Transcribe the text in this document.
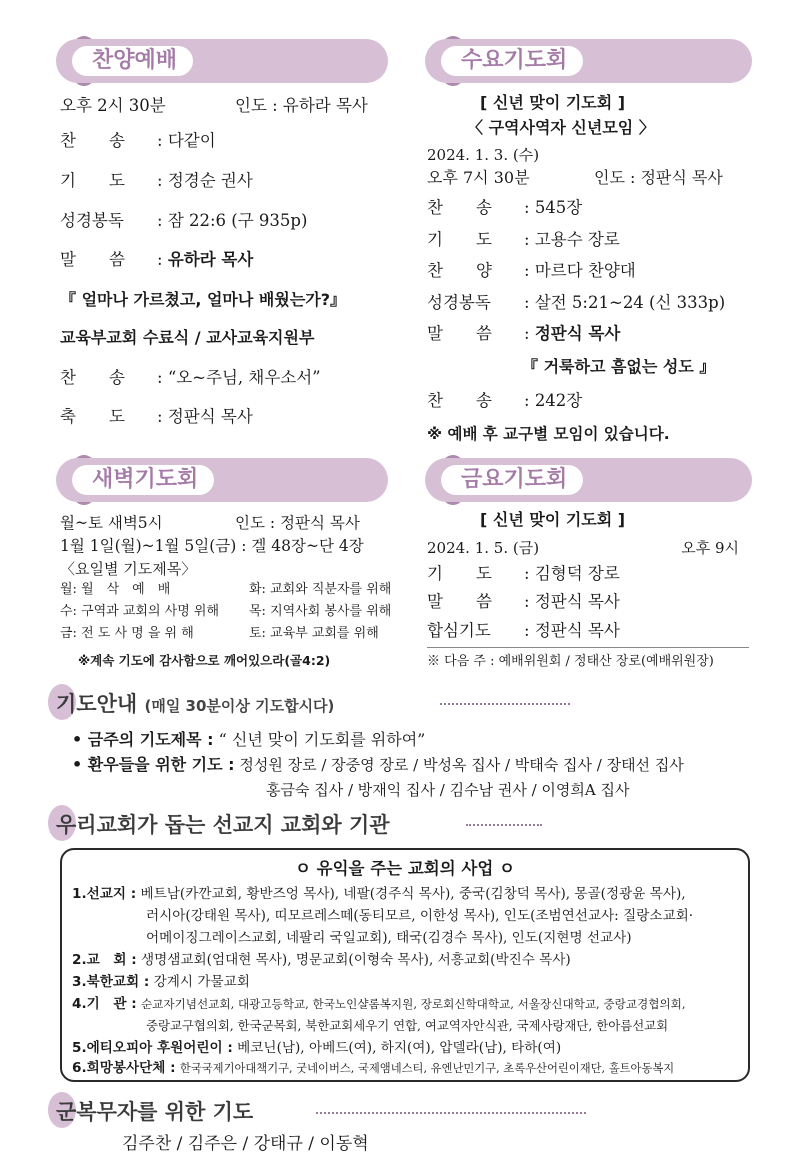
찬양예배
오후 2시 30분	인도 : 유하라 목사
찬　　송 : 다같이
기　　도 : 정경순 권사
성경봉독 : 잠 22:6 (구 935p)
말　　씀 : 유하라 목사
『 얼마나 가르쳤고, 얼마나 배웠는가?』
교육부교회 수료식 / 교사교육지원부
찬　　송 : “오~주님, 채우소서”
축　　도 : 정판식 목사
수요기도회
[ 신년 맞이 기도회 ]
〈 구역사역자 신년모임 〉
2024. 1. 3. (수)
오후 7시 30분	인도 : 정판식 목사
찬　　송 : 545장
기　　도 : 고용수 장로
찬　　양 : 마르다 찬양대
성경봉독 : 살전 5:21~24 (신 333p)
말　　씀 : 정판식 목사
『 거룩하고 흠없는 성도 』
찬　　송 : 242장
※ 예배 후 교구별 모임이 있습니다.
새벽기도회
월~토 새벽5시	인도 : 정판식 목사
1월 1일(월)~1월 5일(금) : 겔 48장~단 4장
〈요일별 기도제목〉
월: 월　삭　예　배	화: 교회와 직분자를 위해
수: 구역과 교회의 사명 위해 목: 지역사회 봉사를 위해
금: 전 도 사 명 을 위 해	토: 교육부 교회를 위해
※계속 기도에 감사함으로 깨어있으라(골4:2)
금요기도회
[ 신년 맞이 기도회 ]
2024. 1. 5. (금)	오후 9시
기　　도 : 김형덕 장로
말　　씀 : 정판식 목사
합심기도 : 정판식 목사
※ 다음 주 : 예배위원회 / 정태산 장로(예배위원장)
기도안내 (매일 30분이상 기도합시다)
• 금주의 기도제목 : “ 신년 맞이 기도회를 위하여”
• 환우들을 위한 기도 : 정성원 장로 / 장중영 장로 / 박성옥 집사 / 박태숙 집사 / 장태선 집사
홍금숙 집사 / 방재익 집사 / 김수남 권사 / 이영희A 집사
우리교회가 돕는 선교지 교회와 기관
ㅇ 유익을 주는 교회의 사업 ㅇ
1.선교지 : 베트남(카깐교회, 황반즈엉 목사), 네팔(경주식 목사), 중국(김창덕 목사), 몽골(정광윤 목사),
러시아(강태원 목사), 띠모르레스떼(동티모르, 이한성 목사), 인도(조범연선교사: 질랑소교회·
어메이징그레이스교회, 네팔리 국일교회), 태국(김경수 목사), 인도(지현명 선교사)
2.교　회 : 생명샘교회(엄대현 목사), 명문교회(이형숙 목사), 서흥교회(박진수 목사)
3.북한교회 : 강계시 가물교회
4.기　관 : 순교자기념선교회, 대광고등학교, 한국노인샬롬복지원, 장로회신학대학교, 서울장신대학교, 중랑교경협의회,
중랑교구협의회, 한국군목회, 북한교회세우기 연합, 여교역자안식관, 국제사랑재단, 한아름선교회
5.에티오피아 후원어린이 : 베코닌(남), 아베드(여), 하지(여), 압델라(남), 타하(여)
6.희망봉사단체 : 한국국제기아대책기구, 굿네이버스, 국제앰네스티, 유엔난민기구, 초록우산어린이재단, 홀트아동복지
군복무자를 위한 기도
김주찬 / 김주은 / 강태규 / 이동혁
